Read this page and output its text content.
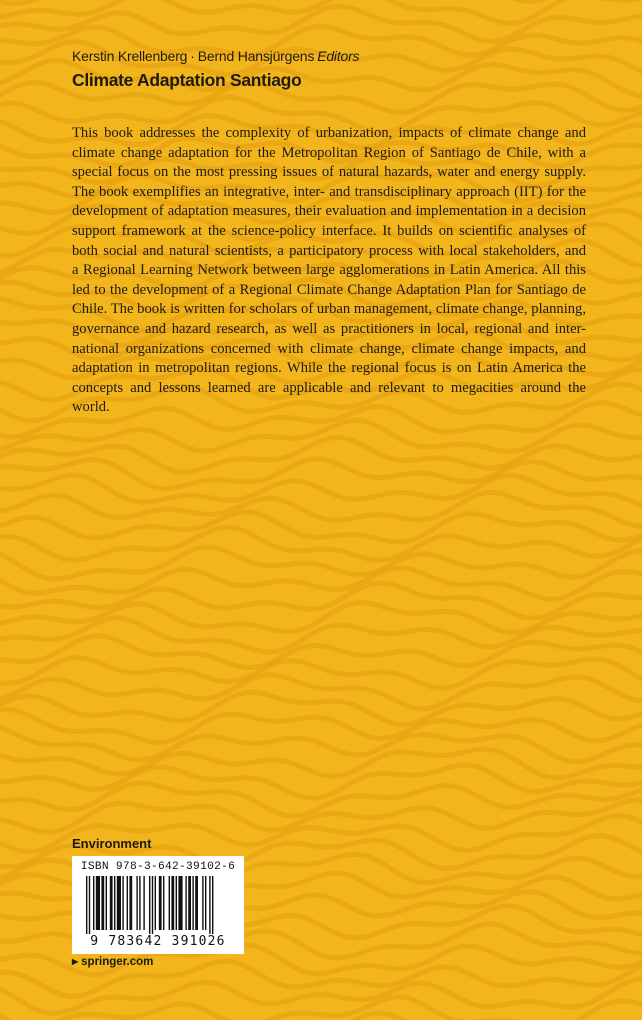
Kerstin Krellenberg · Bernd Hansjürgens Editors
Climate Adaptation Santiago
This book addresses the complexity of urbanization, impacts of climate change and
climate change adaptation for the Metropolitan Region of Santiago de Chile, with a
special focus on the most pressing issues of natural hazards, water and energy supply.
The book exemplifies an integrative, inter- and transdisciplinary approach (IIT) for the
development of adaptation measures, their evaluation and implementation in a decision
support framework at the science-policy interface. It builds on scientific analyses of
both social and natural scientists, a participatory process with local stakeholders, and
a Regional Learning Network between large agglomerations in Latin America. All this
led to the development of a Regional Climate Change Adaptation Plan for Santiago de
Chile. The book is written for scholars of urban management, climate change, planning,
governance and hazard research, as well as practitioners in local, regional and inter-
national organizations concerned with climate change, climate change impacts, and
adaptation in metropolitan regions. While the regional focus is on Latin America the
concepts and lessons learned are applicable and relevant to megacities around the world.
Environment
ISBN 978-3-642-39102-6
9 783642 391026
▶ springer.com
